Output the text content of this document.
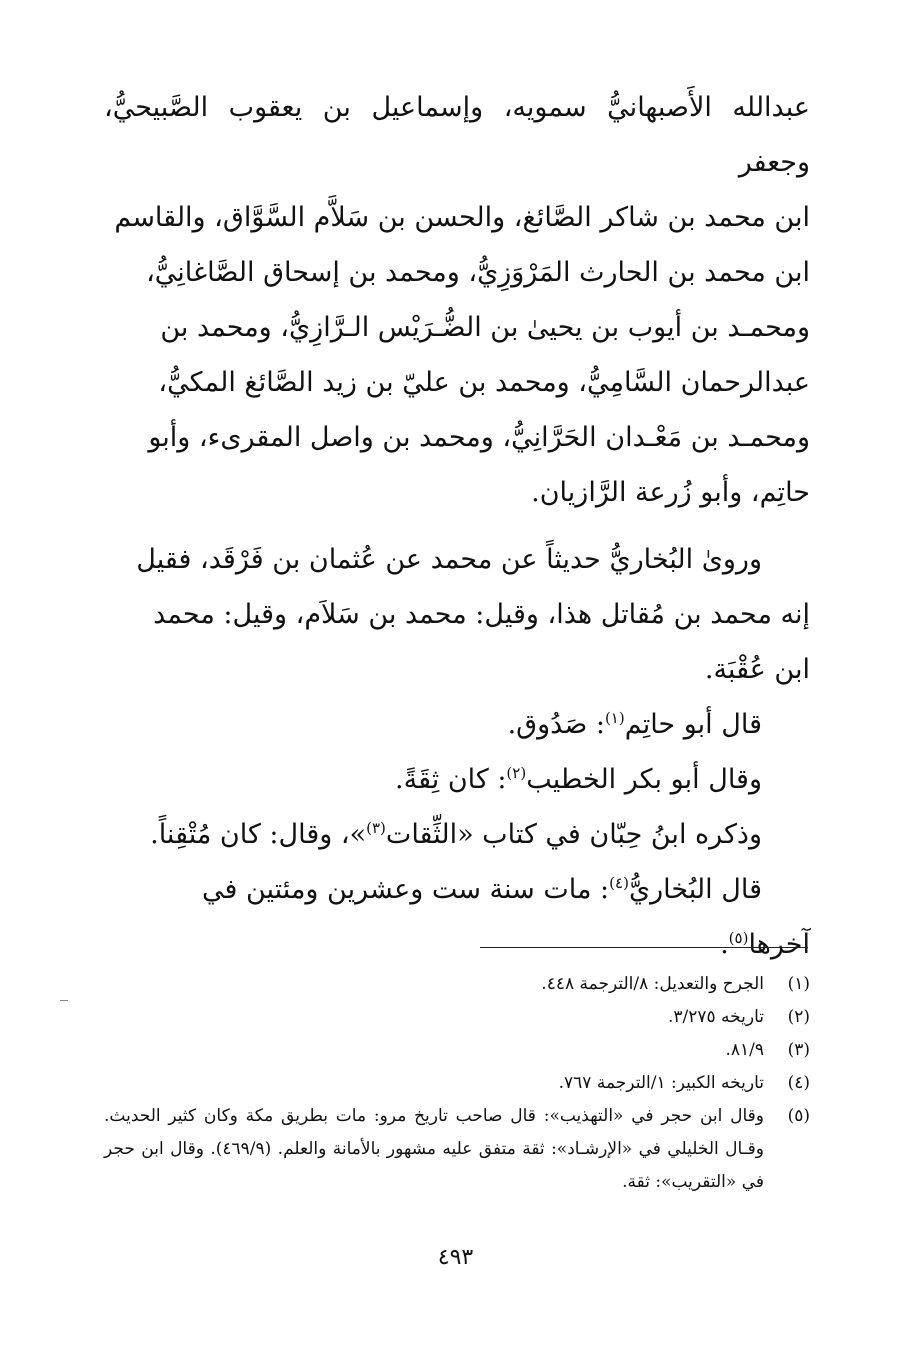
عبدالله الأَصبهانيُّ سمويه، وإسماعيل بن يعقوب الصَّبيحيُّ، وجعفر
ابن محمد بن شاكر الصَّائغ، والحسن بن سَلاَّم السَّوَّاق، والقاسم
ابن محمد بن الحارث المَرْوَزِيُّ، ومحمد بن إسحاق الصَّاغانِيُّ،
ومحمـد بن أيوب بن يحيىٰ بن الضُّـرَيْس الـرَّازِيُّ، ومحمد بن
عبدالرحمان السَّامِيُّ، ومحمد بن عليّ بن زيد الصَّائغ المكيُّ،
ومحمـد بن مَعْـدان الحَرَّانِيُّ، ومحمد بن واصل المقرىء، وأبو
حاتِم، وأبو زُرعة الرَّازيان.

وروىٰ البُخاريُّ حديثاً عن محمد عن عُثمان بن فَرْقَد، فقيل
إنه محمد بن مُقاتل هذا، وقيل: محمد بن سَلاَم، وقيل: محمد
ابن عُقْبَة.

قال أبو حاتِم$^{(١)}$: صَدُوق.
وقال أبو بكر الخطيب$^{(٢)}$: كان ثِقَةً.
وذكره ابنُ حِبّان في كتاب «الثِّقات$^{(٣)}$»، وقال: كان مُتْقِناً.
قال البُخاريُّ$^{(٤)}$: مات سنة ست وعشرين ومئتين في
آخرها$^{(٥)}$.

(١)
الجرح والتعديل: ٨/الترجمة ٤٤٨.
(٢)
تاريخه ٣/٢٧٥.
(٣)
٨١/٩.
(٤)
تاريخه الكبير: ١/الترجمة ٧٦٧.
(٥)
وقال ابن حجر في «التهذيب»: قال صاحب تاريخ مرو: مات بطريق مكة وكان كثير الحديث. وقـال الخليلي في «الإرشـاد»: ثقة متفق عليه مشهور بالأمانة والعلم. (٤٦٩/٩). وقال ابن حجر في «التقريب»: ثقة.
٤٩٣
